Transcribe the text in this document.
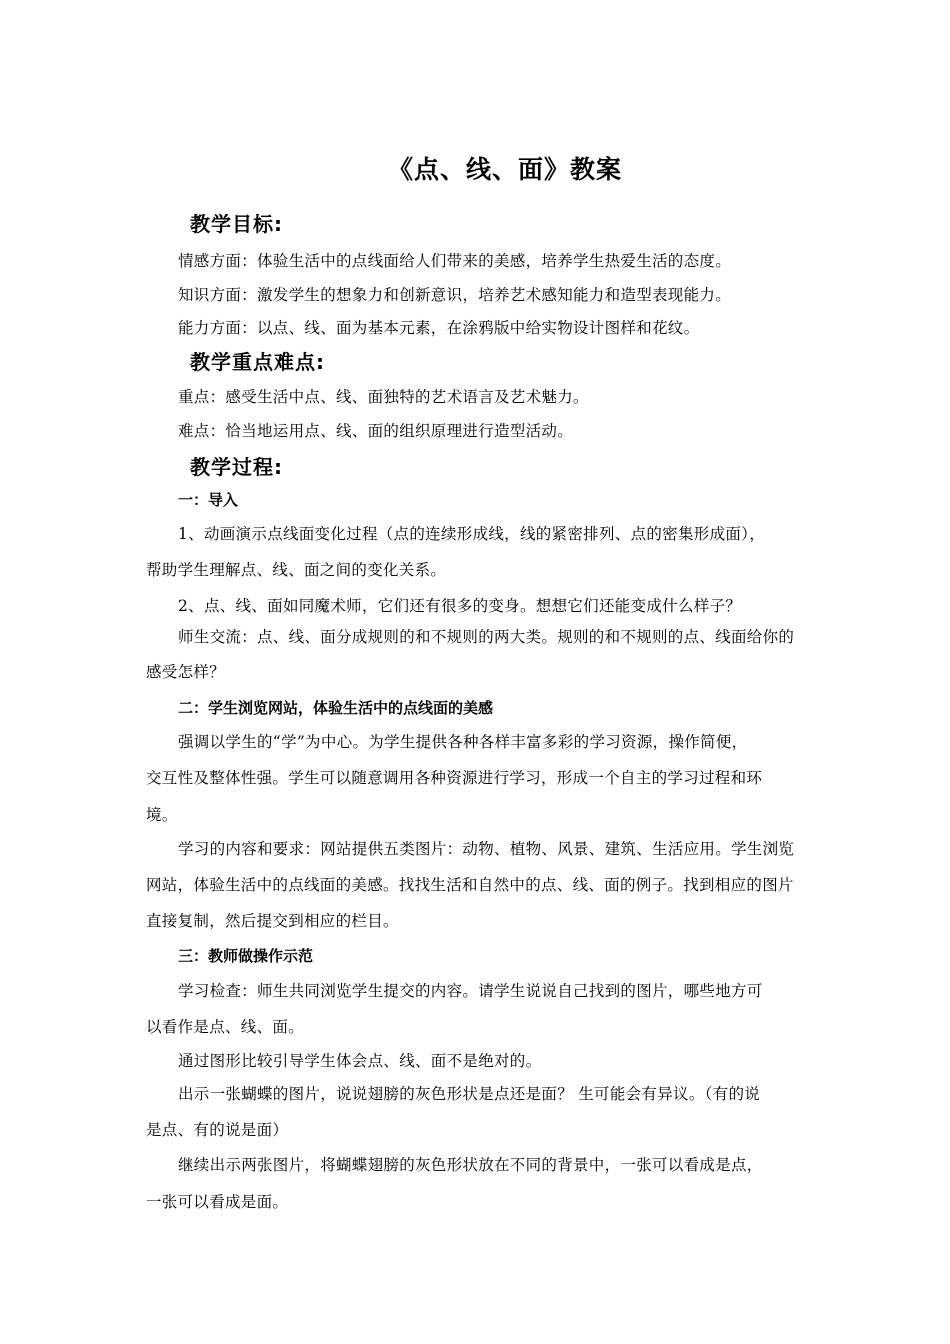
《点、线、面》教案
教学目标:
情感方面：体验生活中的点线面给人们带来的美感，培养学生热爱生活的态度。
知识方面：激发学生的想象力和创新意识，培养艺术感知能力和造型表现能力。
能力方面：以点、线、面为基本元素，在涂鸦版中给实物设计图样和花纹。
教学重点难点:
重点：感受生活中点、线、面独特的艺术语言及艺术魅力。
难点：恰当地运用点、线、面的组织原理进行造型活动。
教学过程:
一：导入
1、动画演示点线面变化过程（点的连续形成线，线的紧密排列、点的密集形成面），
帮助学生理解点、线、面之间的变化关系。
2、点、线、面如同魔术师，它们还有很多的变身。想想它们还能变成什么样子？
师生交流：点、线、面分成规则的和不规则的两大类。规则的和不规则的点、线面给你的
感受怎样？
二：学生浏览网站，体验生活中的点线面的美感
强调以学生的“学”为中心。为学生提供各种各样丰富多彩的学习资源，操作简便，
交互性及整体性强。学生可以随意调用各种资源进行学习，形成一个自主的学习过程和环
境。
学习的内容和要求：网站提供五类图片：动物、植物、风景、建筑、生活应用。学生浏览
网站，体验生活中的点线面的美感。找找生活和自然中的点、线、面的例子。找到相应的图片
直接复制，然后提交到相应的栏目。
三：教师做操作示范
学习检查：师生共同浏览学生提交的内容。请学生说说自己找到的图片，哪些地方可
以看作是点、线、面。
通过图形比较引导学生体会点、线、面不是绝对的。
出示一张蝴蝶的图片，说说翅膀的灰色形状是点还是面？ 生可能会有异议。（有的说
是点、有的说是面）
继续出示两张图片，将蝴蝶翅膀的灰色形状放在不同的背景中，一张可以看成是点，
一张可以看成是面。
